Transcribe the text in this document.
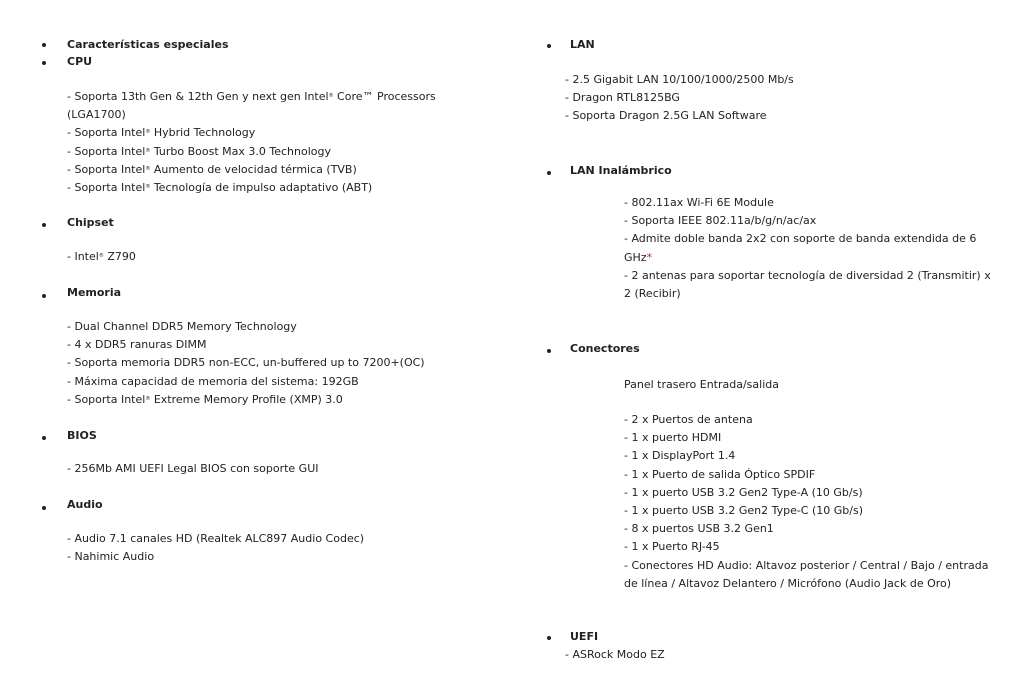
Características especiales
CPU
- Soporta 13th Gen & 12th Gen y next gen Intel® Core™ Processors
(LGA1700)
- Soporta Intel® Hybrid Technology
- Soporta Intel® Turbo Boost Max 3.0 Technology
- Soporta Intel® Aumento de velocidad térmica (TVB)
- Soporta Intel® Tecnología de impulso adaptativo (ABT)
Chipset
- Intel® Z790
Memoria
- Dual Channel DDR5 Memory Technology
- 4 x DDR5 ranuras DIMM
- Soporta memoria DDR5 non-ECC, un-buffered up to 7200+(OC)
- Máxima capacidad de memoria del sistema: 192GB
- Soporta Intel® Extreme Memory Profile (XMP) 3.0
BIOS
- 256Mb AMI UEFI Legal BIOS con soporte GUI
Audio
- Audio 7.1 canales HD (Realtek ALC897 Audio Codec)
- Nahimic Audio
LAN
- 2.5 Gigabit LAN 10/100/1000/2500 Mb/s
- Dragon RTL8125BG
- Soporta Dragon 2.5G LAN Software
LAN Inalámbrico
- 802.11ax Wi-Fi 6E Module
- Soporta IEEE 802.11a/b/g/n/ac/ax
- Admite doble banda 2x2 con soporte de banda extendida de 6 GHz*
- 2 antenas para soportar tecnología de diversidad 2 (Transmitir) x 2 (Recibir)
Conectores
Panel trasero Entrada/salida
- 2 x Puertos de antena
- 1 x puerto HDMI
- 1 x DisplayPort 1.4
- 1 x Puerto de salida Óptico SPDIF
- 1 x puerto USB 3.2 Gen2 Type-A (10 Gb/s)
- 1 x puerto USB 3.2 Gen2 Type-C (10 Gb/s)
- 8 x puertos USB 3.2 Gen1
- 1 x Puerto RJ-45
- Conectores HD Audio: Altavoz posterior / Central / Bajo / entrada de línea / Altavoz Delantero / Micrófono (Audio Jack de Oro)
UEFI
- ASRock Modo EZ
